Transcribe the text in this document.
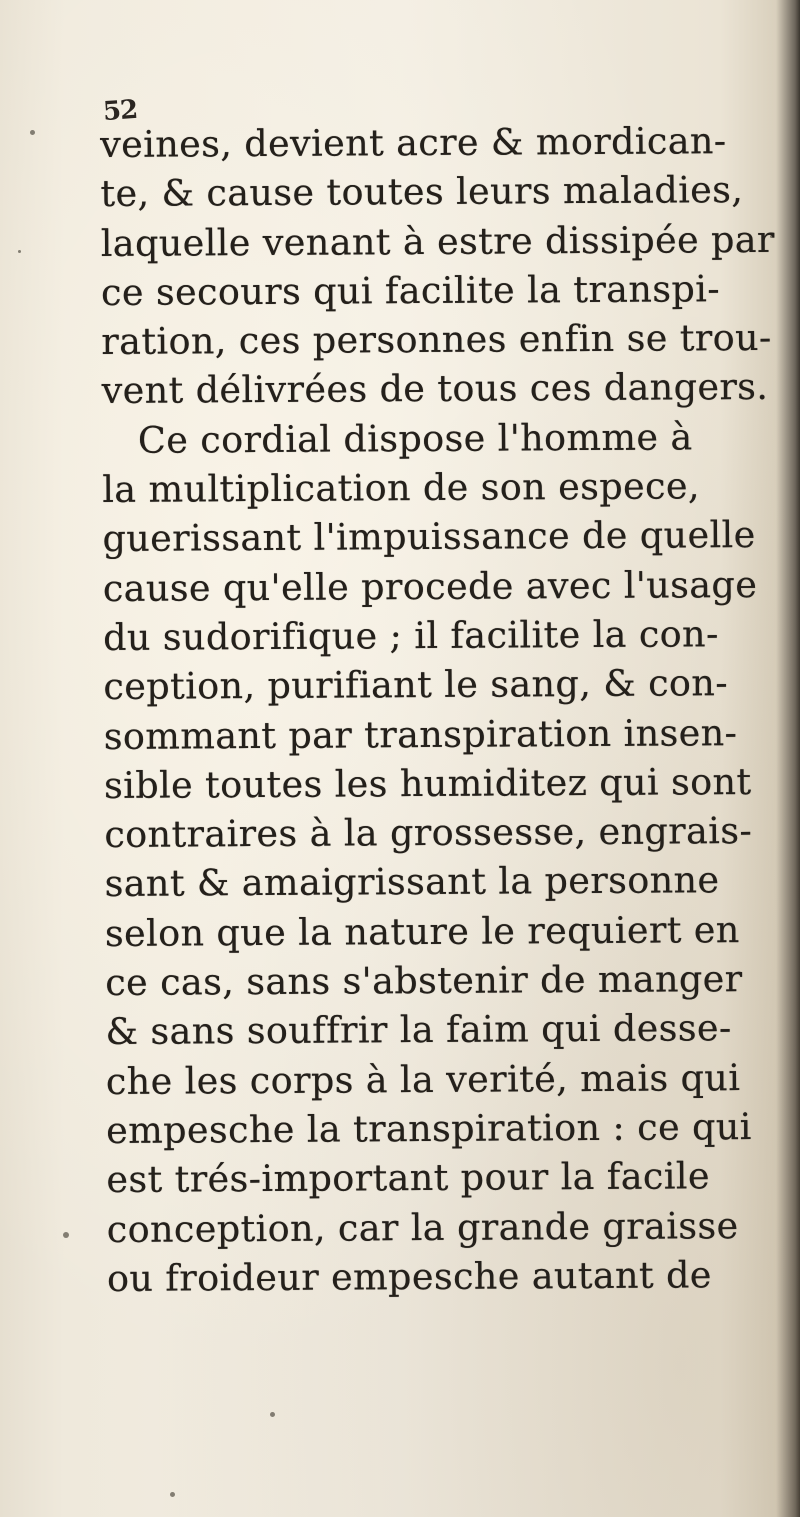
52
veines, devient acre & mordican-
te, & cause toutes leurs maladies,
laquelle venant à estre dissipée par
ce secours qui facilite la transpi-
ration, ces personnes enfin se trou-
vent délivrées de tous ces dangers.
Ce cordial dispose l'homme à
la multiplication de son espece,
guerissant l'impuissance de quelle
cause qu'elle procede avec l'usage
du sudorifique ; il facilite la con-
ception, purifiant le sang, & con-
sommant par transpiration insen-
sible toutes les humiditez qui sont
contraires à la grossesse, engrais-
sant & amaigrissant la personne
selon que la nature le requiert en
ce cas, sans s'abstenir de manger
& sans souffrir la faim qui desse-
che les corps à la verité, mais qui
empesche la transpiration : ce qui
est trés-important pour la facile
conception, car la grande graisse
ou froideur empesche autant de
